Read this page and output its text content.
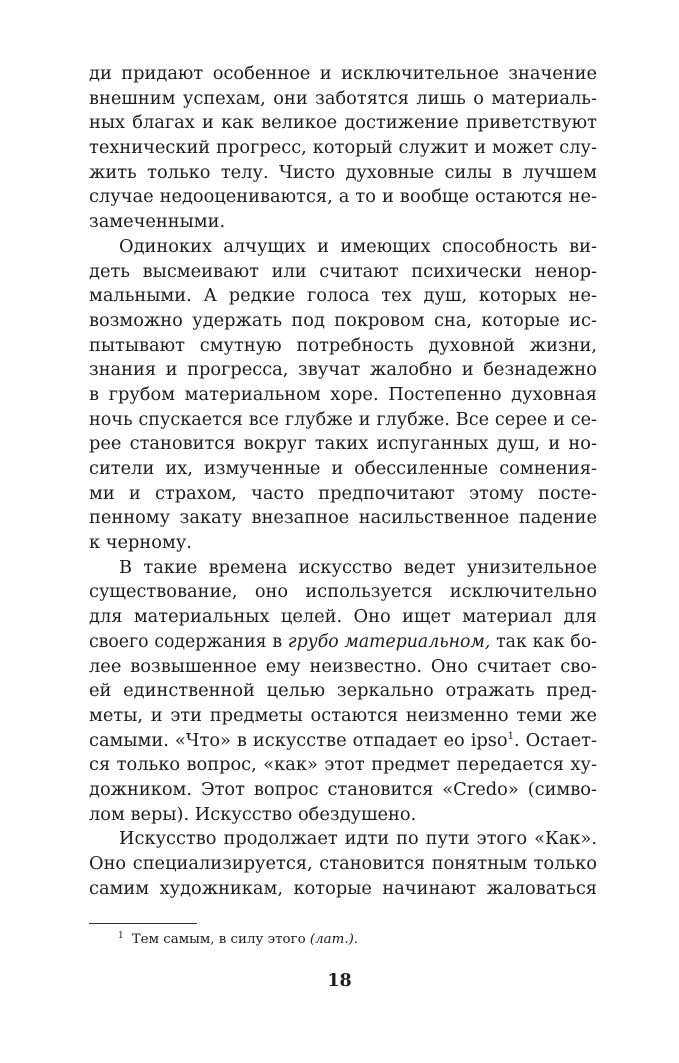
ди придают особенное и исключительное значение
внешним успехам, они заботятся лишь о материаль-
ных благах и как великое достижение приветствуют
технический прогресс, который служит и может слу-
жить только телу. Чисто духовные силы в лучшем
случае недооцениваются, а то и вообще остаются не-
замеченными.
Одиноких алчущих и имеющих способность ви-
деть высмеивают или считают психически ненор-
мальными. А редкие голоса тех душ, которых не-
возможно удержать под покровом сна, которые ис-
пытывают смутную потребность духовной жизни,
знания и прогресса, звучат жалобно и безнадежно
в грубом материальном хоре. Постепенно духовная
ночь спускается все глубже и глубже. Все серее и се-
рее становится вокруг таких испуганных душ, и но-
сители их, измученные и обессиленные сомнения-
ми и страхом, часто предпочитают этому посте-
пенному закату внезапное насильственное падение
к черному.
В такие времена искусство ведет унизительное
существование, оно используется исключительно
для материальных целей. Оно ищет материал для
своего содержания в грубо материальном, так как бо-
лее возвышенное ему неизвестно. Оно считает сво-
ей единственной целью зеркально отражать пред-
меты, и эти предметы остаются неизменно теми же
самыми. «Что» в искусстве отпадает eo ipso$^1$. Остает-
ся только вопрос, «как» этот предмет передается ху-
дожником. Этот вопрос становится «Credo» (симво-
лом веры). Искусство обездушено.
Искусство продолжает идти по пути этого «Как».
Оно специализируется, становится понятным только
самим художникам, которые начинают жаловаться
$^1$ Тем самым, в силу этого (лат.).
18
